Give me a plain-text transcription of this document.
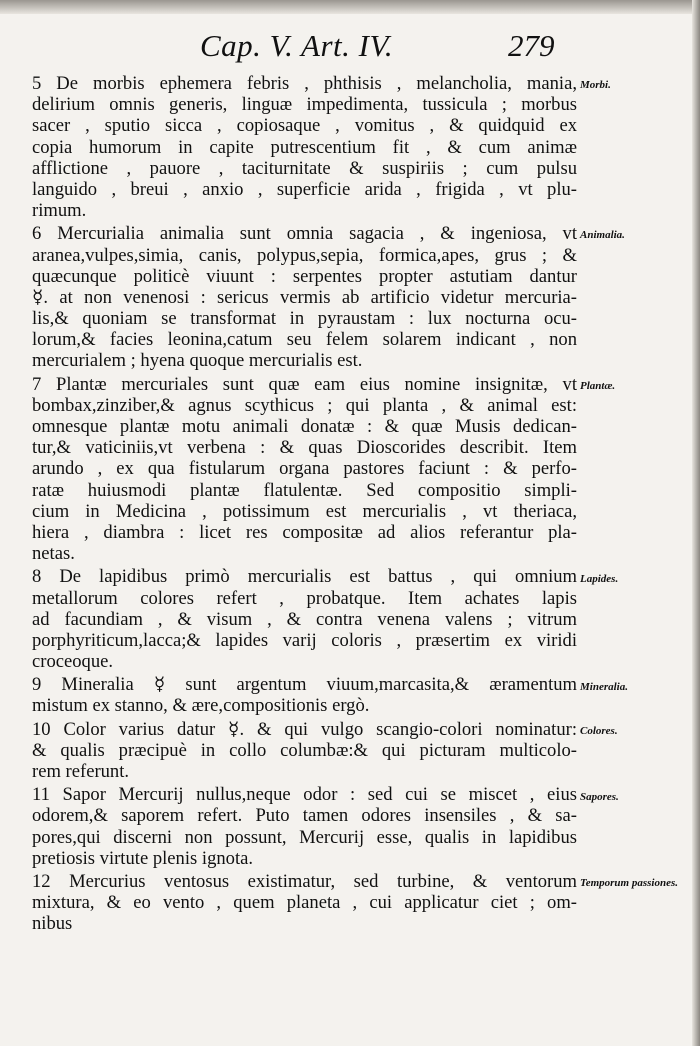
Cap. V. Art. IV.	279
5 De morbis ephemera febris , phthisis , melancholia, mania,
delirium omnis generis, linguæ impedimenta, tussicula ; morbus
sacer , sputio sicca , copiosaque , vomitus , & quidquid ex
copia humorum in capite putrescentium fit , & cum animæ
afflictione , pauore , taciturnitate & suspiriis ; cum pulsu
languido , breui , anxio , superficie arida , frigida , vt plu-
rimum.
6 Mercurialia animalia sunt omnia sagacia , & ingeniosa, vt
aranea,vulpes,simia, canis, polypus,sepia, formica,apes, grus ; &
quæcunque politicè viuunt : serpentes propter astutiam dantur
☿. at non venenosi : sericus vermis ab artificio videtur mercuria-
lis,& quoniam se transformat in pyraustam : lux nocturna ocu-
lorum,& facies leonina,catum seu felem solarem indicant , non
mercurialem ; hyena quoque mercurialis est.
7 Plantæ mercuriales sunt quæ eam eius nomine insignitæ, vt
bombax,zinziber,& agnus scythicus ; qui planta , & animal est:
omnesque plantæ motu animali donatæ : & quæ Musis dedican-
tur,& vaticiniis,vt verbena : & quas Dioscorides describit. Item
arundo , ex qua fistularum organa pastores faciunt : & perfo-
ratæ huiusmodi plantæ flatulentæ. Sed compositio simpli-
cium in Medicina , potissimum est mercurialis , vt theriaca,
hiera , diambra : licet res compositæ ad alios referantur pla-
netas.
8 De lapidibus primò mercurialis est battus , qui omnium
metallorum colores refert , probatque. Item achates lapis
ad facundiam , & visum , & contra venena valens ; vitrum
porphyriticum,lacca;& lapides varij coloris , præsertim ex viridi
croceoque.
9 Mineralia ☿ sunt argentum viuum,marcasita,& æramentum
mistum ex stanno, & ære,compositionis ergò.
10 Color varius datur ☿. & qui vulgo scangio-colori nominatur:
& qualis præcipuè in collo columbæ:& qui picturam multicolo-
rem referunt.
11 Sapor Mercurij nullus,neque odor : sed cui se miscet , eius
odorem,& saporem refert. Puto tamen odores insensiles , & sa-
pores,qui discerni non possunt, Mercurij esse, qualis in lapidibus
pretiosis virtute plenis ignota.
12 Mercurius ventosus existimatur, sed turbine, & ventorum
mixtura, & eo vento , quem planeta , cui applicatur ciet ; om-
nibus
Morbi.
Animalia.
Plantæ.
Lapides.
Mineralia.
Colores.
Sapores.
Temporum passiones.
